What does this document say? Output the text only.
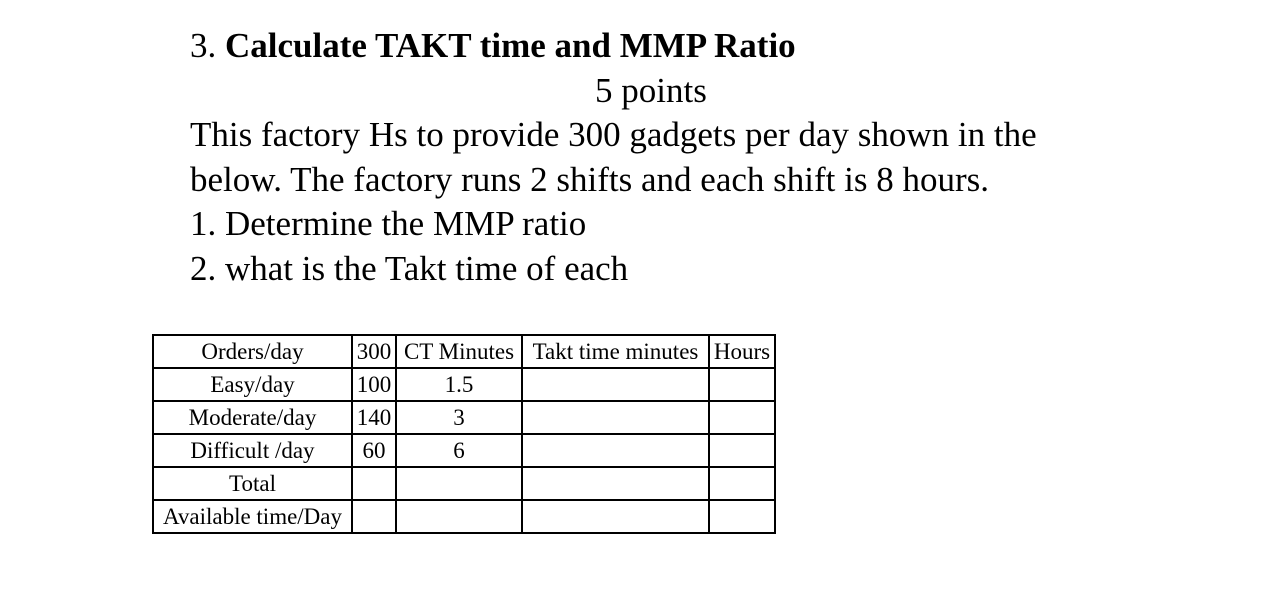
3. Calculate TAKT time and MMP Ratio
5 points
This factory Hs to provide 300 gadgets per day shown in the
below. The factory runs 2 shifts and each shift is 8 hours.
1. Determine the MMP ratio
2. what is the Takt time of each
Orders/day	300	CT Minutes	Takt time minutes	Hours
Easy/day	100	1.5		
Moderate/day	140	3		
Difficult /day	60	6		
Total				
Available time/Day				
